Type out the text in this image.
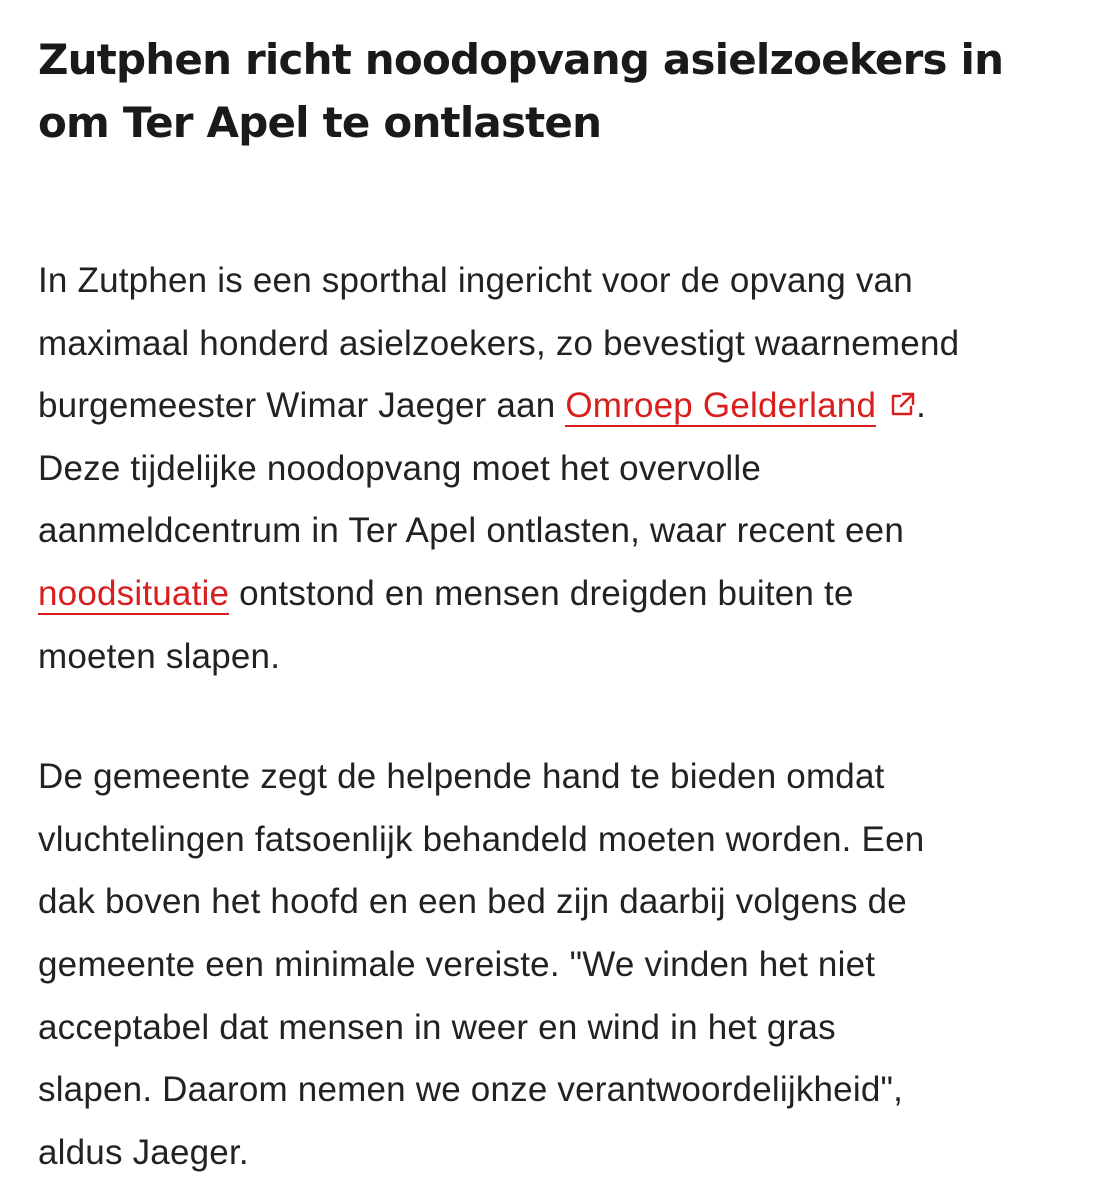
Zutphen richt noodopvang asielzoekers in
om Ter Apel te ontlasten

In Zutphen is een sporthal ingericht voor de opvang van
maximaal honderd asielzoekers, zo bevestigt waarnemend
burgemeester Wimar Jaeger aan Omroep Gelderland .
Deze tijdelijke noodopvang moet het overvolle
aanmeldcentrum in Ter Apel ontlasten, waar recent een
noodsituatie ontstond en mensen dreigden buiten te
moeten slapen.

De gemeente zegt de helpende hand te bieden omdat
vluchtelingen fatsoenlijk behandeld moeten worden. Een
dak boven het hoofd en een bed zijn daarbij volgens de
gemeente een minimale vereiste. "We vinden het niet
acceptabel dat mensen in weer en wind in het gras
slapen. Daarom nemen we onze verantwoordelijkheid",
aldus Jaeger.
